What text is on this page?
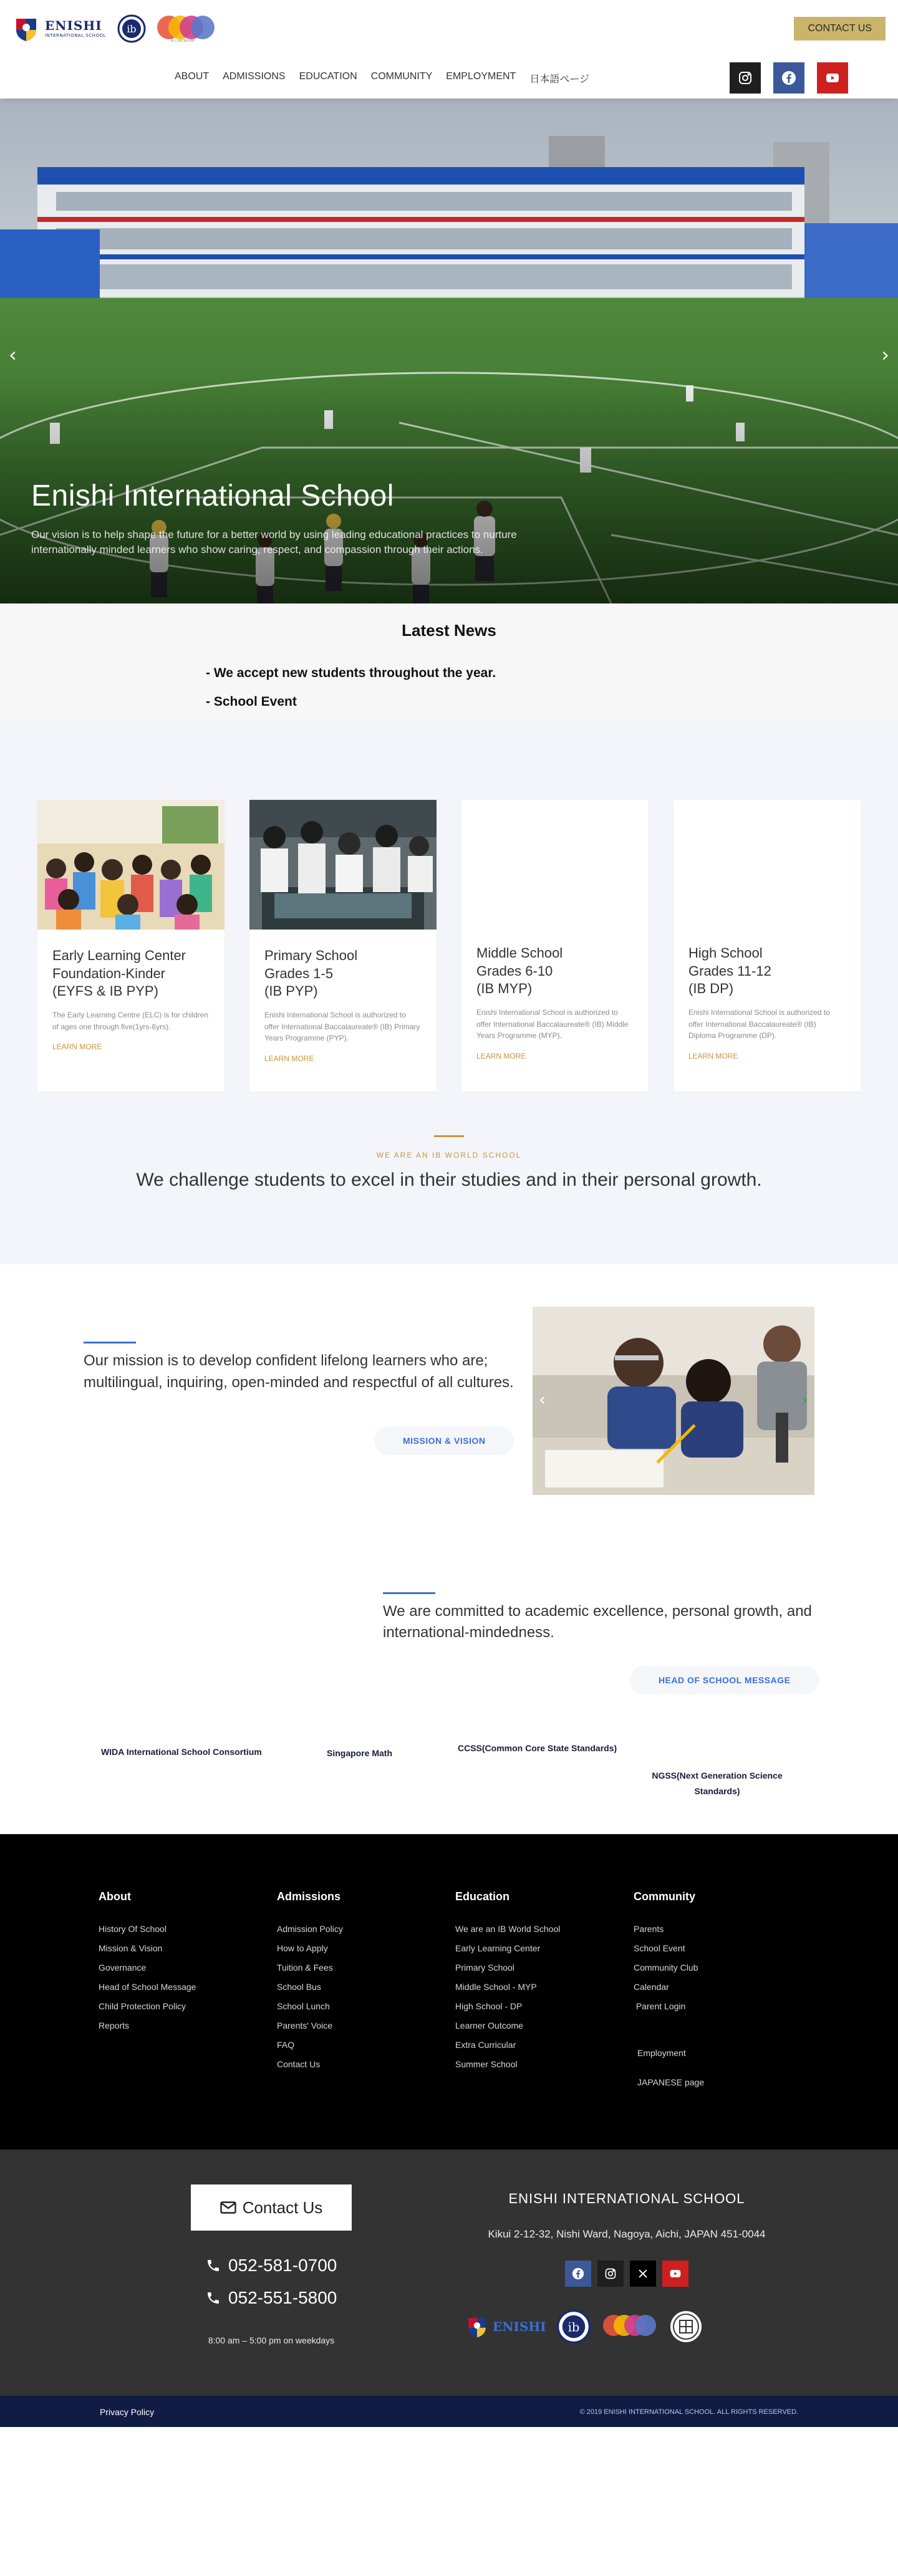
ENISHI
INTERNATIONAL SCHOOL
ib
IB CONTINUUM
CONTACT US
ABOUT ADMISSIONS EDUCATION COMMUNITY EMPLOYMENT 日本語ページ
‹	›
Enishi International School

Our vision is to help shape the future for a better world by using leading educational practices to nurture internationally minded learners who show caring, respect, and compassion through their actions.

Latest News
- We accept new students throughout the year.
- School Event
Early Learning Center
Foundation-Kinder
(EYFS & IB PYP)

The Early Learning Centre (ELC) is for children of ages one through five(1yrs-6yrs).

LEARN MORE
Primary School
Grades 1-5
(IB PYP)

Enishi International School is authorized to offer International Baccalaureate® (IB) Primary Years Programme (PYP).

LEARN MORE
Middle School
Grades 6-10
(IB MYP)

Enishi International School is authorized to offer International Baccalaureate® (IB) Middle Years Programme (MYP).

LEARN MORE
High School
Grades 11-12
(IB DP)

Enishi International School is authorized to offer International Baccalaureate® (IB) Diploma Programme (DP).

LEARN MORE
WE ARE AN IB WORLD SCHOOL
We challenge students to excel in their studies and in their personal growth.

Our mission is to develop confident lifelong learners who are; multilingual, inquiring, open-minded and respectful of all cultures.

MISSION & VISION
‹	›

We are committed to academic excellence, personal growth, and international-mindedness.

HEAD OF SCHOOL MESSAGE
WIDA International School Consortium	Singapore Math	CCSS(Common Core State Standards)
NGSS(Next Generation Science
Standards)
About
History Of School
Mission & Vision
Governance
Head of School Message
Child Protection Policy
Reports
Admissions
Admission Policy
How to Apply
Tuition & Fees
School Bus
School Lunch
Parents' Voice
FAQ
Contact Us
Education
We are an IB World School
Early Learning Center
Primary School
Middle School - MYP
High School - DP
Learner Outcome
Extra Curricular
Summer School
Community
Parents
School Event
Community Club
Calendar
Parent Login
Employment
JAPANESE page
Contact Us
052-581-0700
052-551-5800
8:00 am – 5:00 pm on weekdays
ENISHI INTERNATIONAL SCHOOL
Kikui 2-12-32, Nishi Ward, Nagoya, Aichi, JAPAN 451-0044
ENISHI ib
Privacy Policy	© 2019 ENISHI INTERNATIONAL SCHOOL. ALL RIGHTS RESERVED.
